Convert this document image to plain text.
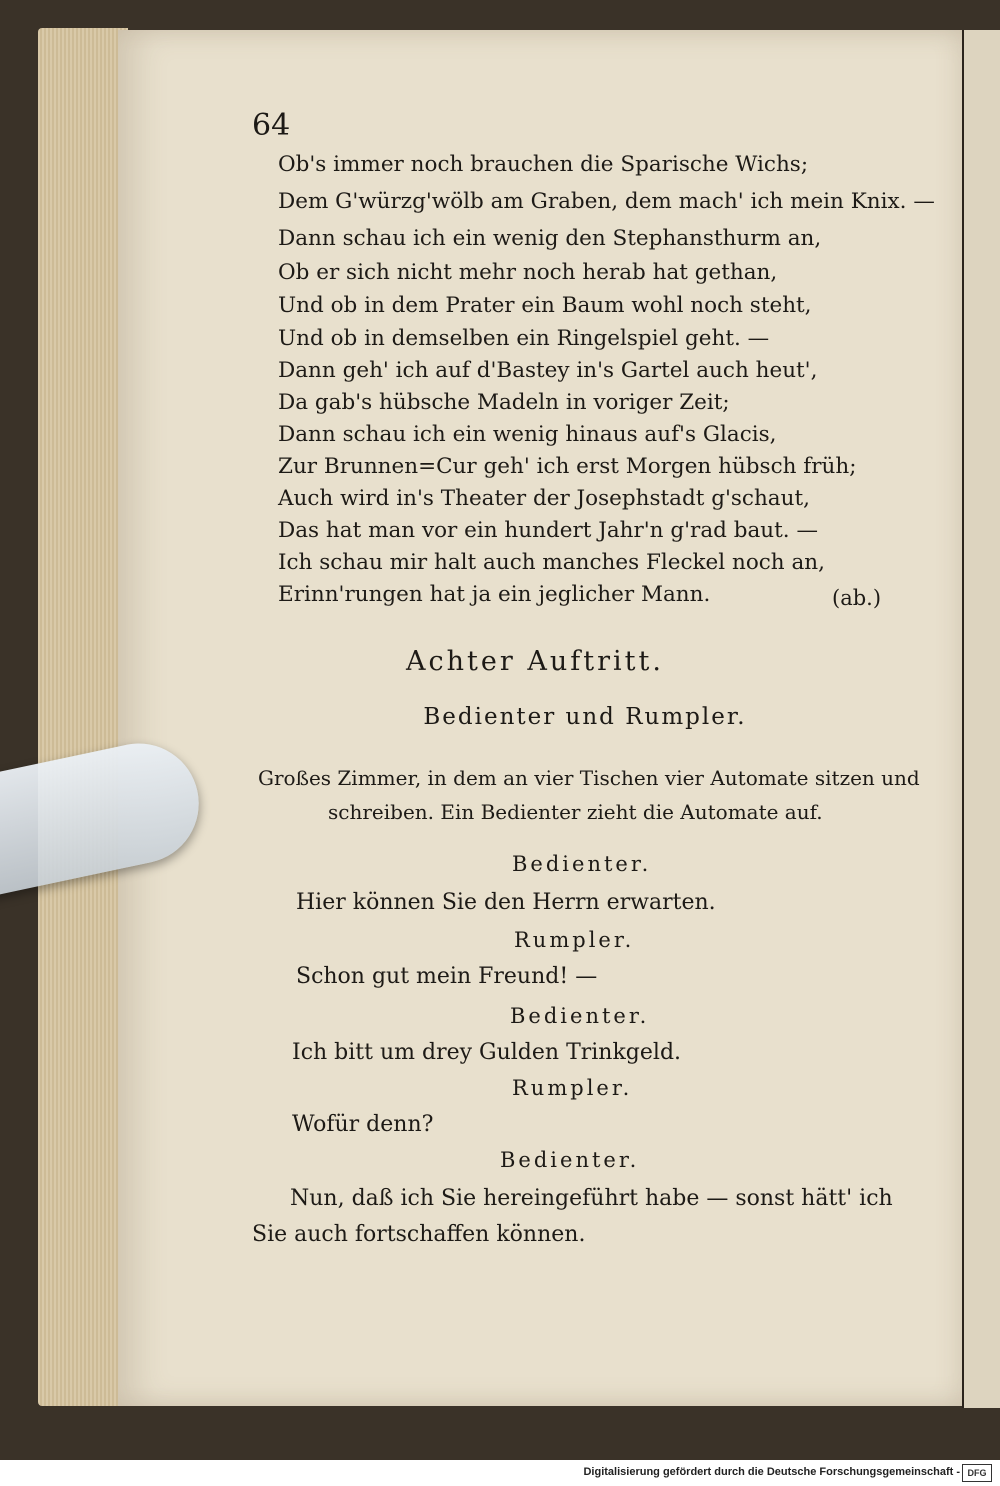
64
Ob's immer noch brauchen die Sparische Wichs;
Dem G'würzg'wölb am Graben, dem mach' ich mein Knix. —
Dann schau ich ein wenig den Stephansthurm an,
Ob er sich nicht mehr noch herab hat gethan,
Und ob in dem Prater ein Baum wohl noch steht,
Und ob in demselben ein Ringelspiel geht. —
Dann geh' ich auf d'Bastey in's Gartel auch heut',
Da gab's hübsche Madeln in voriger Zeit;
Dann schau ich ein wenig hinaus auf's Glacis,
Zur Brunnen=Cur geh' ich erst Morgen hübsch früh;
Auch wird in's Theater der Josephstadt g'schaut,
Das hat man vor ein hundert Jahr'n g'rad baut. —
Ich schau mir halt auch manches Fleckel noch an,
Erinn'rungen hat ja ein jeglicher Mann.	(ab.)
Achter Auftritt.
Bedienter und Rumpler.
Großes Zimmer, in dem an vier Tischen vier Automate sitzen und
schreiben. Ein Bedienter zieht die Automate auf.
Bedienter.
Hier können Sie den Herrn erwarten.
Rumpler.
Schon gut mein Freund! —
Bedienter.
Ich bitt um drey Gulden Trinkgeld.
Rumpler.
Wofür denn?
Bedienter.
Nun, daß ich Sie hereingeführt habe — sonst hätt' ich
Sie auch fortschaffen können.
Digitalisierung gefördert durch die Deutsche Forschungsgemeinschaft - DFG
